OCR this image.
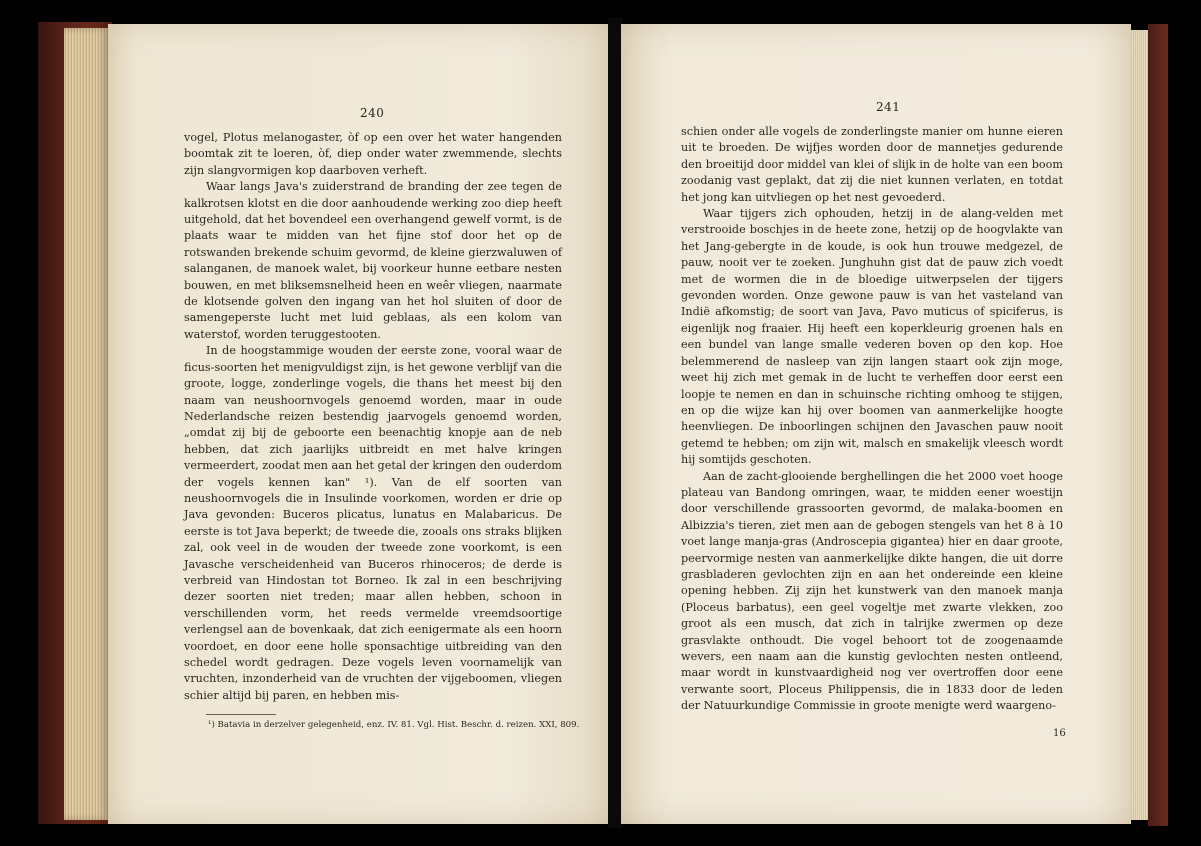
240

vogel, Plotus melanogaster, òf op een over het water hangenden boomtak zit te loeren, òf, diep onder water zwemmende, slechts zijn slangvormigen kop daarboven verheft.

Waar langs Java's zuiderstrand de branding der zee tegen de kalkrotsen klotst en die door aanhoudende werking zoo diep heeft uitgehold, dat het bovendeel een overhangend gewelf vormt, is de plaats waar te midden van het fijne stof door het op de rotswanden brekende schuim gevormd, de kleine gierzwaluwen of salanganen, de manoek walet, bij voorkeur hunne eetbare nesten bouwen, en met bliksemsnelheid heen en weêr vliegen, naarmate de klotsende golven den ingang van het hol sluiten of door de samengeperste lucht met luid geblaas, als een kolom van waterstof, worden teruggestooten.

In de hoogstammige wouden der eerste zone, vooral waar de ficus-soorten het menigvuldigst zijn, is het gewone verblijf van die groote, logge, zonderlinge vogels, die thans het meest bij den naam van neushoornvogels genoemd worden, maar in oude Nederlandsche reizen bestendig jaarvogels genoemd worden, „omdat zij bij de geboorte een beenachtig knopje aan de neb hebben, dat zich jaarlijks uitbreidt en met halve kringen vermeerdert, zoodat men aan het getal der kringen den ouderdom der vogels kennen kan" ¹). Van de elf soorten van neushoornvogels die in Insulinde voorkomen, worden er drie op Java gevonden: Buceros plicatus, lunatus en Malabaricus. De eerste is tot Java beperkt; de tweede die, zooals ons straks blijken zal, ook veel in de wouden der tweede zone voorkomt, is een Javasche verscheidenheid van Buceros rhinoceros; de derde is verbreid van Hindostan tot Borneo. Ik zal in een beschrijving dezer soorten niet treden; maar allen hebben, schoon in verschillenden vorm, het reeds vermelde vreemdsoortige verlengsel aan de bovenkaak, dat zich eenigermate als een hoorn voordoet, en door eene holle sponsachtige uitbreiding van den schedel wordt gedragen. Deze vogels leven voornamelijk van vruchten, inzonderheid van de vruchten der vijgeboomen, vliegen schier altijd bij paren, en hebben mis-

¹) Batavia in derzelver gelegenheid, enz. IV. 81. Vgl. Hist. Beschr. d. reizen. XXI, 809.
241

schien onder alle vogels de zonderlingste manier om hunne eieren uit te broeden. De wijfjes worden door de mannetjes gedurende den broeitijd door middel van klei of slijk in de holte van een boom zoodanig vast geplakt, dat zij die niet kunnen verlaten, en totdat het jong kan uitvliegen op het nest gevoederd.

Waar tijgers zich ophouden, hetzij in de alang-velden met verstrooide boschjes in de heete zone, hetzij op de hoogvlakte van het Jang-gebergte in de koude, is ook hun trouwe medgezel, de pauw, nooit ver te zoeken. Junghuhn gist dat de pauw zich voedt met de wormen die in de bloedige uitwerpselen der tijgers gevonden worden. Onze gewone pauw is van het vasteland van Indië afkomstig; de soort van Java, Pavo muticus of spiciferus, is eigenlijk nog fraaier. Hij heeft een koperkleurig groenen hals en een bundel van lange smalle vederen boven op den kop. Hoe belemmerend de nasleep van zijn langen staart ook zijn moge, weet hij zich met gemak in de lucht te verheffen door eerst een loopje te nemen en dan in schuinsche richting omhoog te stijgen, en op die wijze kan hij over boomen van aanmerkelijke hoogte heenvliegen. De inboorlingen schijnen den Javaschen pauw nooit getemd te hebben; om zijn wit, malsch en smakelijk vleesch wordt hij somtijds geschoten.

Aan de zacht-glooiende berghellingen die het 2000 voet hooge plateau van Bandong omringen, waar, te midden eener woestijn door verschillende grassoorten gevormd, de malaka-boomen en Albizzia's tieren, ziet men aan de gebogen stengels van het 8 à 10 voet lange manja-gras (Androscepia gigantea) hier en daar groote, peervormige nesten van aanmerkelijke dikte hangen, die uit dorre grasbladeren gevlochten zijn en aan het ondereinde een kleine opening hebben. Zij zijn het kunstwerk van den manoek manja (Ploceus barbatus), een geel vogeltje met zwarte vlekken, zoo groot als een musch, dat zich in talrijke zwermen op deze grasvlakte onthoudt. Die vogel behoort tot de zoogenaamde wevers, een naam aan die kunstig gevlochten nesten ontleend, maar wordt in kunstvaardigheid nog ver overtroffen door eene verwante soort, Ploceus Philippensis, die in 1833 door de leden der Natuurkundige Commissie in groote menigte werd waargeno-

16
